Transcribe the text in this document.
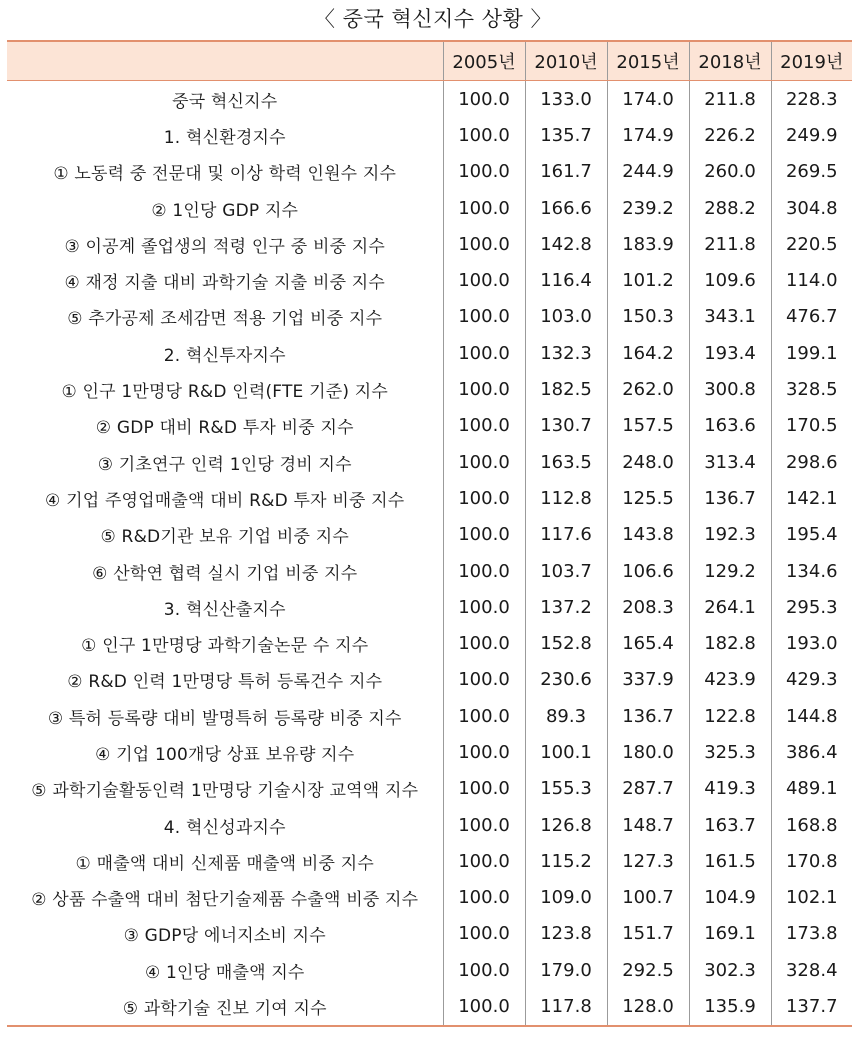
〈 중국 혁신지수 상황 〉
	2005년	2010년	2015년	2018년	2019년
중국 혁신지수	100.0	133.0	174.0	211.8	228.3
1. 혁신환경지수	100.0	135.7	174.9	226.2	249.9
① 노동력 중 전문대 및 이상 학력 인원수 지수	100.0	161.7	244.9	260.0	269.5
② 1인당 GDP 지수	100.0	166.6	239.2	288.2	304.8
③ 이공계 졸업생의 적령 인구 중 비중 지수	100.0	142.8	183.9	211.8	220.5
④ 재정 지출 대비 과학기술 지출 비중 지수	100.0	116.4	101.2	109.6	114.0
⑤ 추가공제 조세감면 적용 기업 비중 지수	100.0	103.0	150.3	343.1	476.7
2. 혁신투자지수	100.0	132.3	164.2	193.4	199.1
① 인구 1만명당 R&D 인력(FTE 기준) 지수	100.0	182.5	262.0	300.8	328.5
② GDP 대비 R&D 투자 비중 지수	100.0	130.7	157.5	163.6	170.5
③ 기초연구 인력 1인당 경비 지수	100.0	163.5	248.0	313.4	298.6
④ 기업 주영업매출액 대비 R&D 투자 비중 지수	100.0	112.8	125.5	136.7	142.1
⑤ R&D기관 보유 기업 비중 지수	100.0	117.6	143.8	192.3	195.4
⑥ 산학연 협력 실시 기업 비중 지수	100.0	103.7	106.6	129.2	134.6
3. 혁신산출지수	100.0	137.2	208.3	264.1	295.3
① 인구 1만명당 과학기술논문 수 지수	100.0	152.8	165.4	182.8	193.0
② R&D 인력 1만명당 특허 등록건수 지수	100.0	230.6	337.9	423.9	429.3
③ 특허 등록량 대비 발명특허 등록량 비중 지수	100.0	89.3	136.7	122.8	144.8
④ 기업 100개당 상표 보유량 지수	100.0	100.1	180.0	325.3	386.4
⑤ 과학기술활동인력 1만명당 기술시장 교역액 지수	100.0	155.3	287.7	419.3	489.1
4. 혁신성과지수	100.0	126.8	148.7	163.7	168.8
① 매출액 대비 신제품 매출액 비중 지수	100.0	115.2	127.3	161.5	170.8
② 상품 수출액 대비 첨단기술제품 수출액 비중 지수	100.0	109.0	100.7	104.9	102.1
③ GDP당 에너지소비 지수	100.0	123.8	151.7	169.1	173.8
④ 1인당 매출액 지수	100.0	179.0	292.5	302.3	328.4
⑤ 과학기술 진보 기여 지수	100.0	117.8	128.0	135.9	137.7
